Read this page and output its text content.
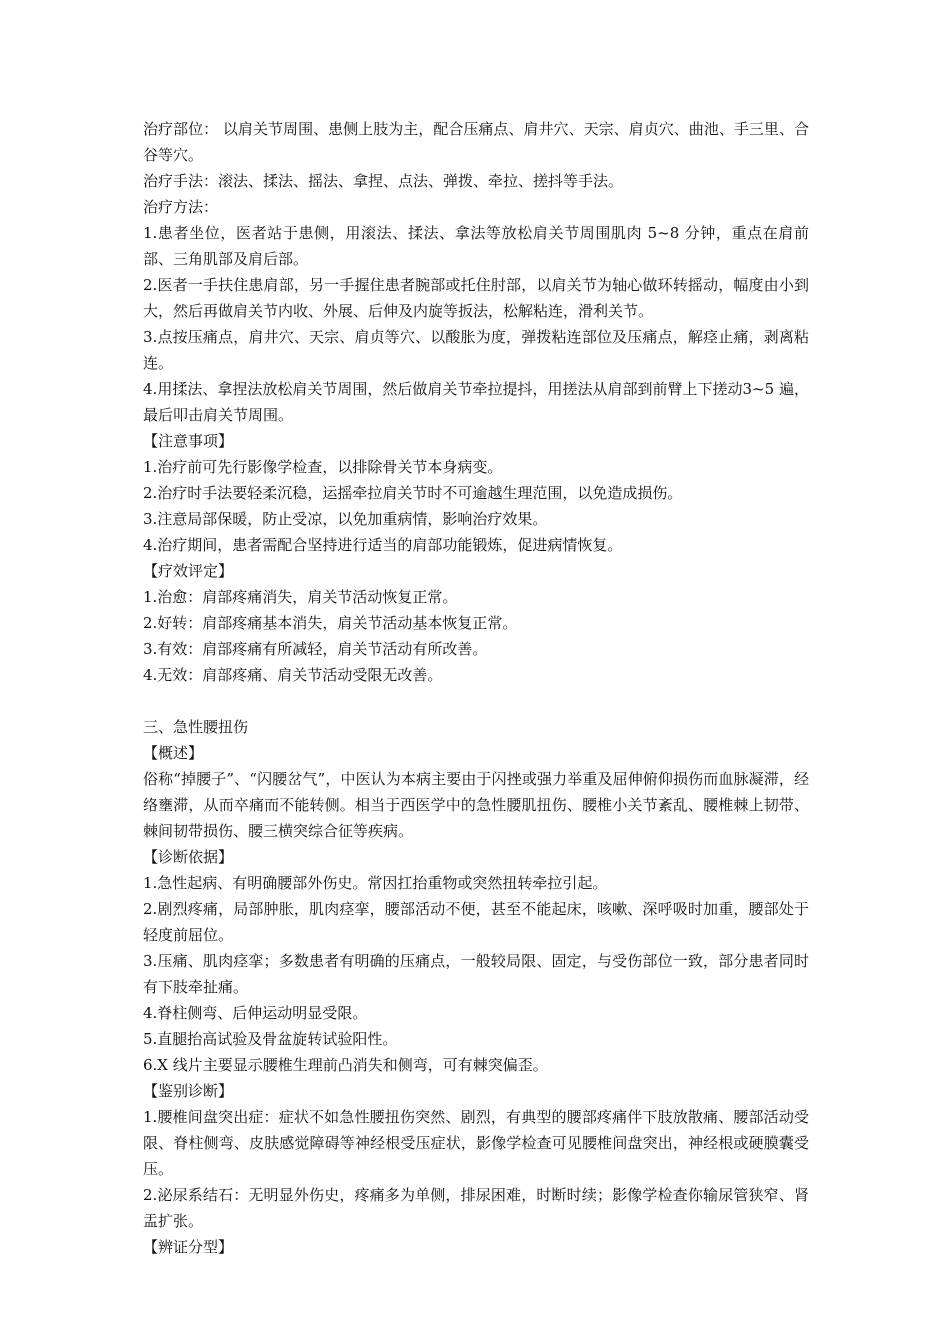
治疗部位： 以肩关节周围、患侧上肢为主，配合压痛点、肩井穴、天宗、肩贞穴、曲池、手三里、合谷等穴。

治疗手法：滚法、揉法、摇法、拿捏、点法、弹拨、牵拉、搓抖等手法。

治疗方法：

1.患者坐位，医者站于患侧，用滚法、揉法、拿法等放松肩关节周围肌肉 5~8 分钟，重点在肩前部、三角肌部及肩后部。

2.医者一手扶住患肩部，另一手握住患者腕部或托住肘部，以肩关节为轴心做环转摇动，幅度由小到大，然后再做肩关节内收、外展、后伸及内旋等扳法，松解粘连，滑利关节。

3.点按压痛点，肩井穴、天宗、肩贞等穴、以酸胀为度，弹拨粘连部位及压痛点，解痉止痛，剥离粘连。

4.用揉法、拿捏法放松肩关节周围，然后做肩关节牵拉提抖，用搓法从肩部到前臂上下搓动3~5 遍，最后叩击肩关节周围。

【注意事项】

1.治疗前可先行影像学检查，以排除骨关节本身病变。

2.治疗时手法要轻柔沉稳，运摇牵拉肩关节时不可逾越生理范围，以免造成损伤。

3.注意局部保暖，防止受凉，以免加重病情，影响治疗效果。

4.治疗期间，患者需配合坚持进行适当的肩部功能锻炼，促进病情恢复。

【疗效评定】

1.治愈：肩部疼痛消失，肩关节活动恢复正常。

2.好转：肩部疼痛基本消失，肩关节活动基本恢复正常。

3.有效：肩部疼痛有所减轻，肩关节活动有所改善。

4.无效：肩部疼痛、肩关节活动受限无改善。

三、急性腰扭伤

【概述】

俗称“掉腰子”、“闪腰岔气”，中医认为本病主要由于闪挫或强力举重及屈伸俯仰损伤而血脉凝滞，经络壅滞，从而卒痛而不能转侧。相当于西医学中的急性腰肌扭伤、腰椎小关节紊乱、腰椎棘上韧带、棘间韧带损伤、腰三横突综合征等疾病。

【诊断依据】

1.急性起病、有明确腰部外伤史。常因扛抬重物或突然扭转牵拉引起。

2.剧烈疼痛，局部肿胀，肌肉痉挛，腰部活动不便，甚至不能起床，咳嗽、深呼吸时加重，腰部处于轻度前屈位。

3.压痛、肌肉痉挛；多数患者有明确的压痛点，一般较局限、固定，与受伤部位一致，部分患者同时有下肢牵扯痛。

4.脊柱侧弯、后伸运动明显受限。

5.直腿抬高试验及骨盆旋转试验阳性。

6.X 线片主要显示腰椎生理前凸消失和侧弯，可有棘突偏歪。

【鉴别诊断】

1.腰椎间盘突出症：症状不如急性腰扭伤突然、剧烈，有典型的腰部疼痛伴下肢放散痛、腰部活动受限、脊柱侧弯、皮肤感觉障碍等神经根受压症状，影像学检查可见腰椎间盘突出，神经根或硬膜囊受压。

2.泌尿系结石：无明显外伤史，疼痛多为单侧，排尿困难，时断时续；影像学检查你输尿管狭窄、肾盂扩张。

【辨证分型】
